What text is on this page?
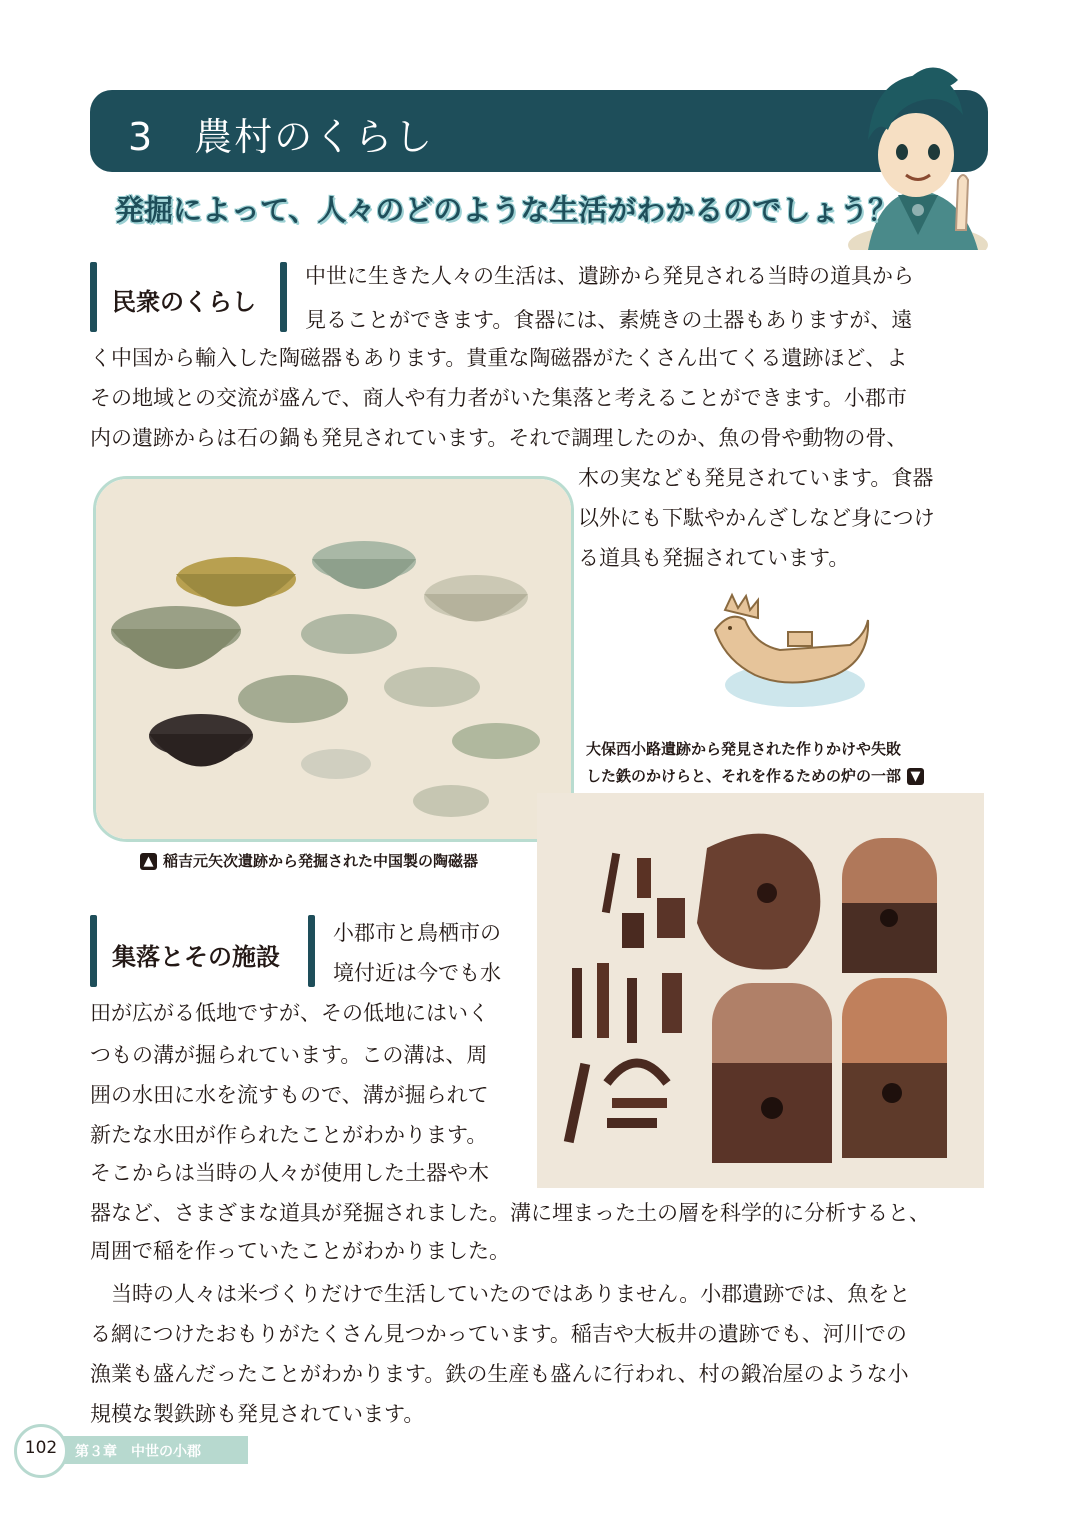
3　農村のくらし
発掘によって、人々のどのような生活がわかるのでしょう？
民衆のくらし
中世に生きた人々の生活は、遺跡から発見される当時の道具から
見ることができます。食器には、素焼きの土器もありますが、遠
く中国から輸入した陶磁器もあります。貴重な陶磁器がたくさん出てくる遺跡ほど、よ
その地域との交流が盛んで、商人や有力者がいた集落と考えることができます。小郡市
内の遺跡からは石の鍋も発見されています。それで調理したのか、魚の骨や動物の骨、
木の実なども発見されています。食器
以外にも下駄やかんざしなど身につけ
る道具も発掘されています。
▲ 稲吉元矢次遺跡から発掘された中国製の陶磁器
大保西小路遺跡から発見された作りかけや失敗
した鉄のかけらと、それを作るための炉の一部 ▼
集落とその施設
小郡市と鳥栖市の
境付近は今でも水
田が広がる低地ですが、その低地にはいく
つもの溝が掘られています。この溝は、周
囲の水田に水を流すもので、溝が掘られて
新たな水田が作られたことがわかります。
そこからは当時の人々が使用した土器や木
器など、さまざまな道具が発掘されました。溝に埋まった土の層を科学的に分析すると、
周囲で稲を作っていたことがわかりました。
　当時の人々は米づくりだけで生活していたのではありません。小郡遺跡では、魚をと
る網につけたおもりがたくさん見つかっています。稲吉や大板井の遺跡でも、河川での
漁業も盛んだったことがわかります。鉄の生産も盛んに行われ、村の鍛冶屋のような小
規模な製鉄跡も発見されています。
第３章　中世の小郡
102
